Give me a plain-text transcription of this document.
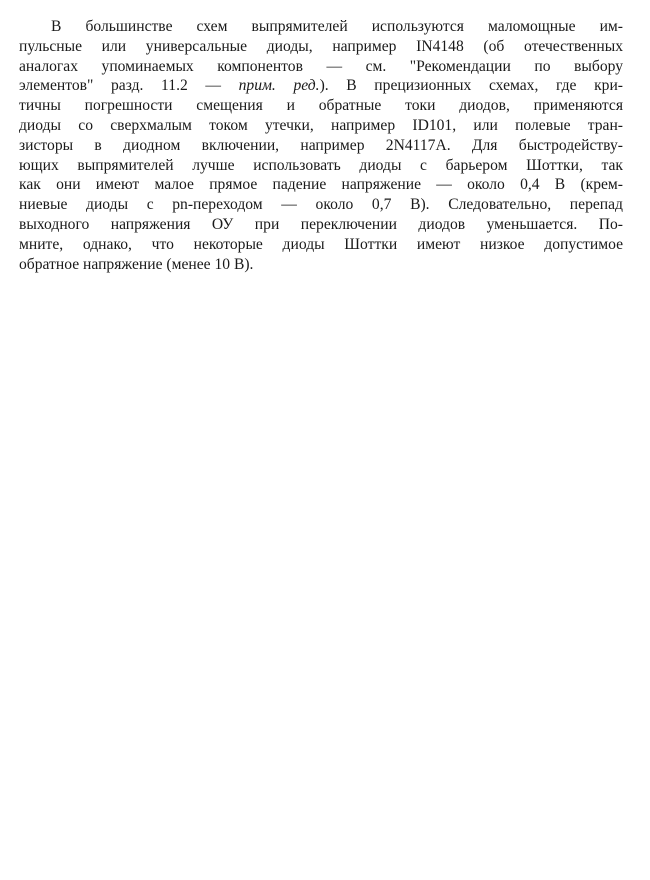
В большинстве схем выпрямителей используются маломощные им-
пульсные или универсальные диоды, например IN4148 (об отечественных
аналогах упоминаемых компонентов — см. "Рекомендации по выбору
элементов" разд. 11.2 — прим. ред.). В прецизионных схемах, где кри-
тичны погрешности смещения и обратные токи диодов, применяются
диоды со сверхмалым током утечки, например ID101, или полевые тран-
зисторы в диодном включении, например 2N4117A. Для быстродейству-
ющих выпрямителей лучше использовать диоды с барьером Шоттки, так
как они имеют малое прямое падение напряжение — около 0,4 В (крем-
ниевые диоды с pn-переходом — около 0,7 В). Следовательно, перепад
выходного напряжения ОУ при переключении диодов уменьшается. По-
мните, однако, что некоторые диоды Шоттки имеют низкое допустимое
обратное напряжение (менее 10 В).
